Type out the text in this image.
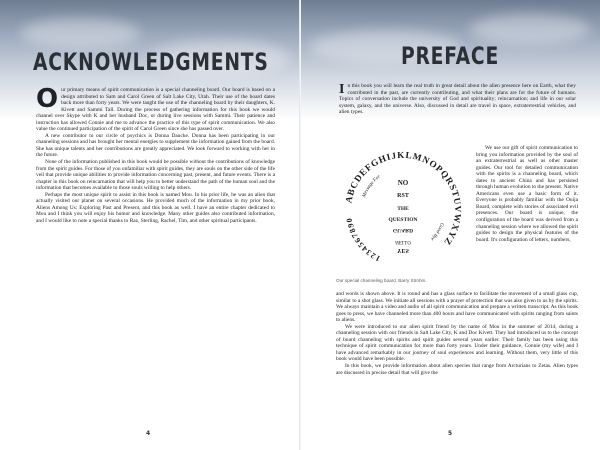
ACKNOWLEDGMENTS

Our primary means of spirit communication is a special channeling board. Our board is based on a design attributed to Sam and Carol Green of Salt Lake City, Utah. Their use of the board dates back more than forty years. We were taught the use of the channeling board by their daughters, K. Kivett and Sammi Tall. During the process of gathering information for this book we would channel over Skype with K and her husband Doc, or during live sessions with Sammi. Their patience and instruction has allowed Connie and me to advance the practice of this type of spirit communication. We also value the continued participation of the spirit of Carol Green since she has passed over.

A new contributor to our circle of psychics is Donna Daucke. Donna has been participating in our channeling sessions and has brought her mental energies to supplement the information gained from the board. She has unique talents and her contributions are greatly appreciated. We look forward to working with her in the future.

None of the information published in this book would be possible without the contributions of knowledge from the spirit guides. For those of you unfamiliar with spirit guides, they are souls on the other side of the life veil that provide unique abilities to provide information concerning past, present, and future events. There is a chapter in this book on reincarnation that will help you to better understand the path of the human soul and the information that becomes available to those souls willing to help others.

Perhaps the most unique spirit to assist in this book is named Mou. In his prior life, he was an alien that actually visited our planet on several occasions. He provided much of the information in my prior book, Aliens Among Us: Exploring Past and Present, and this book as well. I have an entire chapter dedicated to Mou and I think you will enjoy his humor and knowledge. Many other guides also contributed information, and I would like to note a special thanks to Raz, Sterling, Rachel, Tim, and other spiritual participants.

4
PREFACE

In this book you will learn the real truth in great detail about the alien presence here on Earth, what they contributed in the past, are currently contributing, and what their plans are for the future of humans. Topics of conversation include the university of God and spirituality; reincarnation; and life in our solar system, galaxy, and the universe. Also, discussed in detail are travel in space, extraterrestrial vehicles, and alien types.

ABCDEFGHIJKLMNOPQRSTUVWXYZ
1234567890
Good Bye
Message For
NO
RST
THE
QUESTION
GUARD
HELLO
YES
Our special channeling board. Barry Strohm.

We use our gift of spirit communication to bring you information provided by the soul of an extraterrestrial as well as other master guides. Our tool for detailed communication with the spirits is a channeling board, which dates to ancient China and has persisted through human evolution to the present. Native Americans even use a basic form of it. Everyone is probably familiar with the Ouija Board, complete with stories of associated evil presences. Our board is unique, the configuration of the board was derived from a channeling session where we allowed the spirit guides to design the physical features of the board. It's configuration of letters, numbers,

and words is shown above. It is round and has a glass surface to facilitate the movement of a small glass cup, similar to a shot glass. We initiate all sessions with a prayer of protection that was also given to us by the spirits. We always maintain a video and audio of all spirit communication and prepare a written transcript. As this book goes to press, we have channeled more than 400 hours and have communicated with spirits ranging from saints to aliens.

We were introduced to our alien spirit friend by the name of Mou in the summer of 2014, during a channeling session with our friends in Salt Lake City, K and Doc Kivett. They had introduced us to the concept of board channeling with spirits and spirit guides several years earlier. Their family has been using this technique of spirit communication for more than forty years. Under their guidance, Connie (my wife) and I have advanced remarkably in our journey of soul experiences and learning. Without them, very little of this book would have been possible.

In this book, we provide information about alien species that range from Arcturians to Zetas. Alien types are discussed in precise detail that will give the

5
